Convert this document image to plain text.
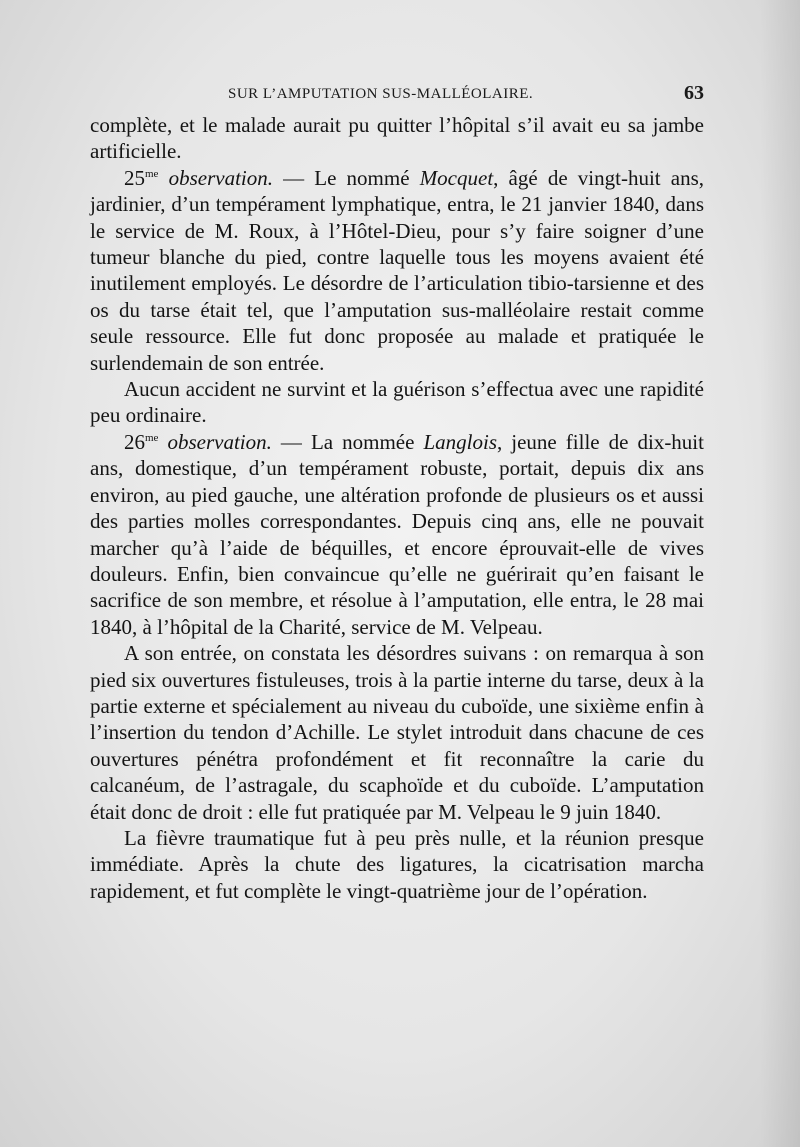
SUR L’AMPUTATION SUS-MALLÉOLAIRE.	63

complète, et le malade aurait pu quitter l’hôpital s’il avait eu sa jambe artificielle.

$25^{me}$ observation. — Le nommé Mocquet, âgé de vingt-huit ans, jardinier, d’un tempérament lymphatique, entra, le 21 janvier 1840, dans le service de M. Roux, à l’Hôtel-Dieu, pour s’y faire soigner d’une tumeur blanche du pied, contre laquelle tous les moyens avaient été inutilement employés. Le désordre de l’articulation tibio-tarsienne et des os du tarse était tel, que l’amputation sus-malléolaire restait comme seule ressource. Elle fut donc proposée au malade et pratiquée le surlendemain de son entrée.

Aucun accident ne survint et la guérison s’effectua avec une rapidité peu ordinaire.

$26^{me}$ observation. — La nommée Langlois, jeune fille de dix-huit ans, domestique, d’un tempérament robuste, portait, depuis dix ans environ, au pied gauche, une altération profonde de plusieurs os et aussi des parties molles correspondantes. Depuis cinq ans, elle ne pouvait marcher qu’à l’aide de béquilles, et encore éprouvait-elle de vives douleurs. Enfin, bien convaincue qu’elle ne guérirait qu’en faisant le sacrifice de son membre, et résolue à l’amputation, elle entra, le 28 mai 1840, à l’hôpital de la Charité, service de M. Velpeau.

A son entrée, on constata les désordres suivans : on remarqua à son pied six ouvertures fistuleuses, trois à la partie interne du tarse, deux à la partie externe et spécialement au niveau du cuboïde, une sixième enfin à l’insertion du tendon d’Achille. Le stylet introduit dans chacune de ces ouvertures pénétra profondément et fit reconnaître la carie du calcanéum, de l’astragale, du scaphoïde et du cuboïde. L’amputation était donc de droit : elle fut pratiquée par M. Velpeau le 9 juin 1840.

La fièvre traumatique fut à peu près nulle, et la réunion presque immédiate. Après la chute des ligatures, la cicatrisation marcha rapidement, et fut complète le vingt-quatrième jour de l’opération.
